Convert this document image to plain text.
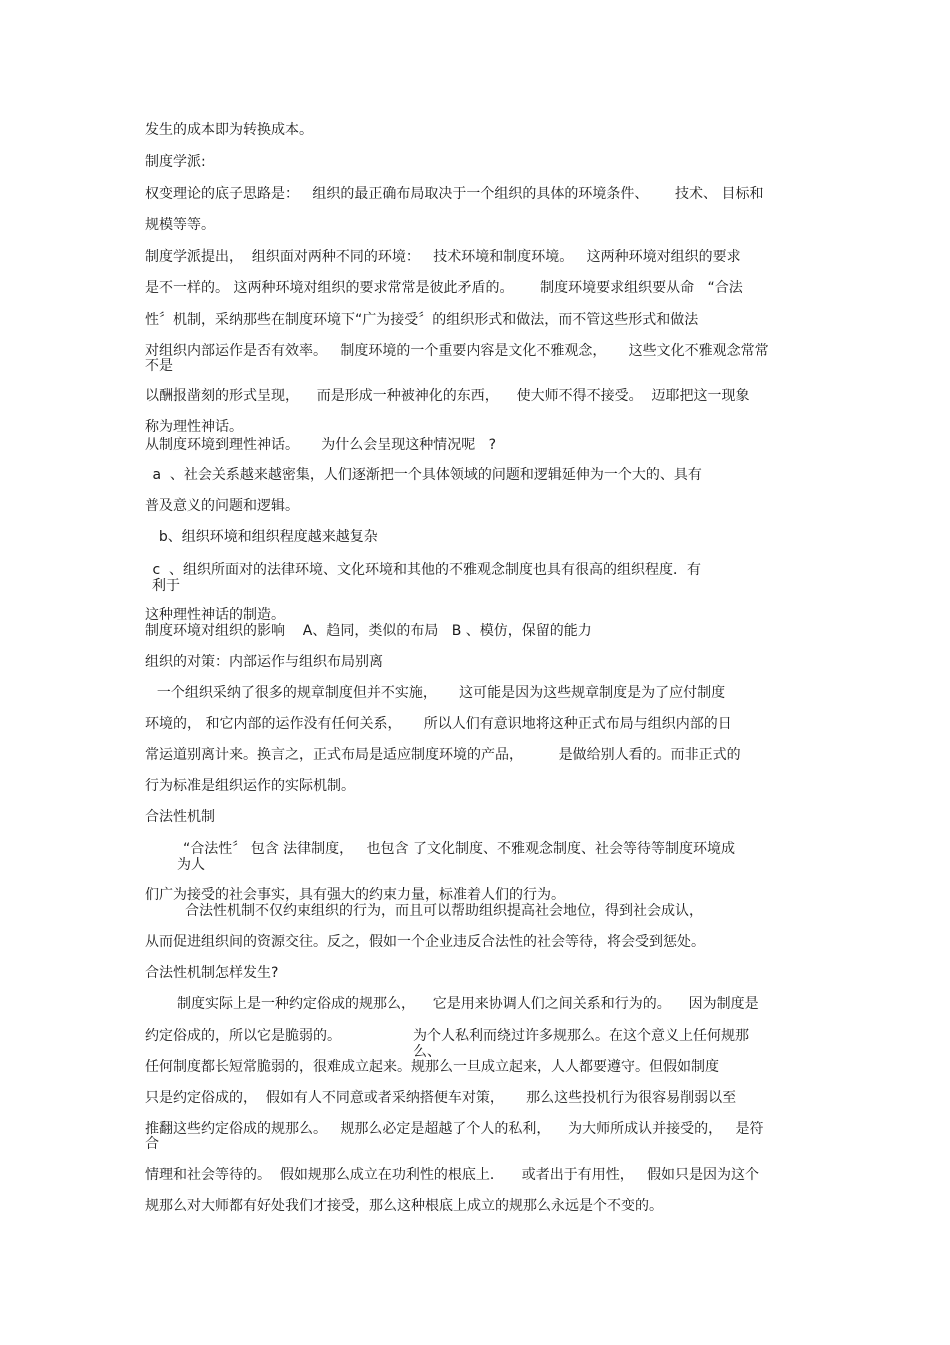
发生的成本即为转换成本。

制度学派:

权变理论的底子思路是：   组织的最正确布局取决于一个组织的具体的环境条件、      技术、 目标和

规模等等。

制度学派提出，  组织面对两种不同的环境：   技术环境和制度环境。   这两种环境对组织的要求

是不一样的。 这两种环境对组织的要求常常是彼此矛盾的。      制度环境要求组织要从命   “合法

性〞机制，采纳那些在制度环境下“广为接受〞的组织形式和做法，而不管这些形式和做法

对组织内部运作是否有效率。   制度环境的一个重要内容是文化不雅观念，     这些文化不雅观念常常

不是

以酬报凿刻的形式呈现，    而是形成一种被神化的东西，    使大师不得不接受。  迈耶把这一现象

称为理性神话。

从制度环境到理性神话。     为什么会呈现这种情况呢   ?

a  、社会关系越来越密集，人们逐渐把一个具体领域的问题和逻辑延伸为一个大的、具有

普及意义的问题和逻辑。

b、组织环境和组织程度越来越复杂

c  、组织所面对的法律环境、文化环境和其他的不雅观念制度也具有很高的组织程度．有

利于

这种理性神话的制造。

制度环境对组织的影响    A、趋同，类似的布局   B 、模仿，保留的能力

组织的对策：内部运作与组织布局别离

一个组织采纳了很多的规章制度但并不实施，     这可能是因为这些规章制度是为了应付制度

环境的， 和它内部的运作没有任何关系，     所以人们有意识地将这种正式布局与组织内部的日

常运道别离计来。换言之，正式布局是适应制度环境的产品，        是做给别人看的。而非正式的

行为标准是组织运作的实际机制。

合法性机制

“合法性〞 包含 法律制度，   也包含 了文化制度、不雅观念制度、社会等待等制度环境成

为人

们广为接受的社会事实，具有强大的约束力量，标准着人们的行为。

合法性机制不仅约束组织的行为，而且可以帮助组织提高社会地位，得到社会成认，

从而促进组织间的资源交往。反之，假如一个企业违反合法性的社会等待，将会受到惩处。

合法性机制怎样发生?

制度实际上是一种约定俗成的规那么，    它是用来协调人们之间关系和行为的。    因为制度是

约定俗成的，所以它是脆弱的。	为个人私利而绕过许多规那么。在这个意义上任何规那

么、

任何制度都长短常脆弱的，很难成立起来。规那么一旦成立起来，人人都要遵守。但假如制度

只是约定俗成的，  假如有人不同意或者采纳搭便车对策，     那么这些投机行为很容易削弱以至

推翻这些约定俗成的规那么。   规那么必定是超越了个人的私利，    为大师所成认并接受的，   是符

合

情理和社会等待的。  假如规那么成立在功利性的根底上．    或者出于有用性，   假如只是因为这个

规那么对大师都有好处我们才接受，那么这种根底上成立的规那么永远是个不变的。
